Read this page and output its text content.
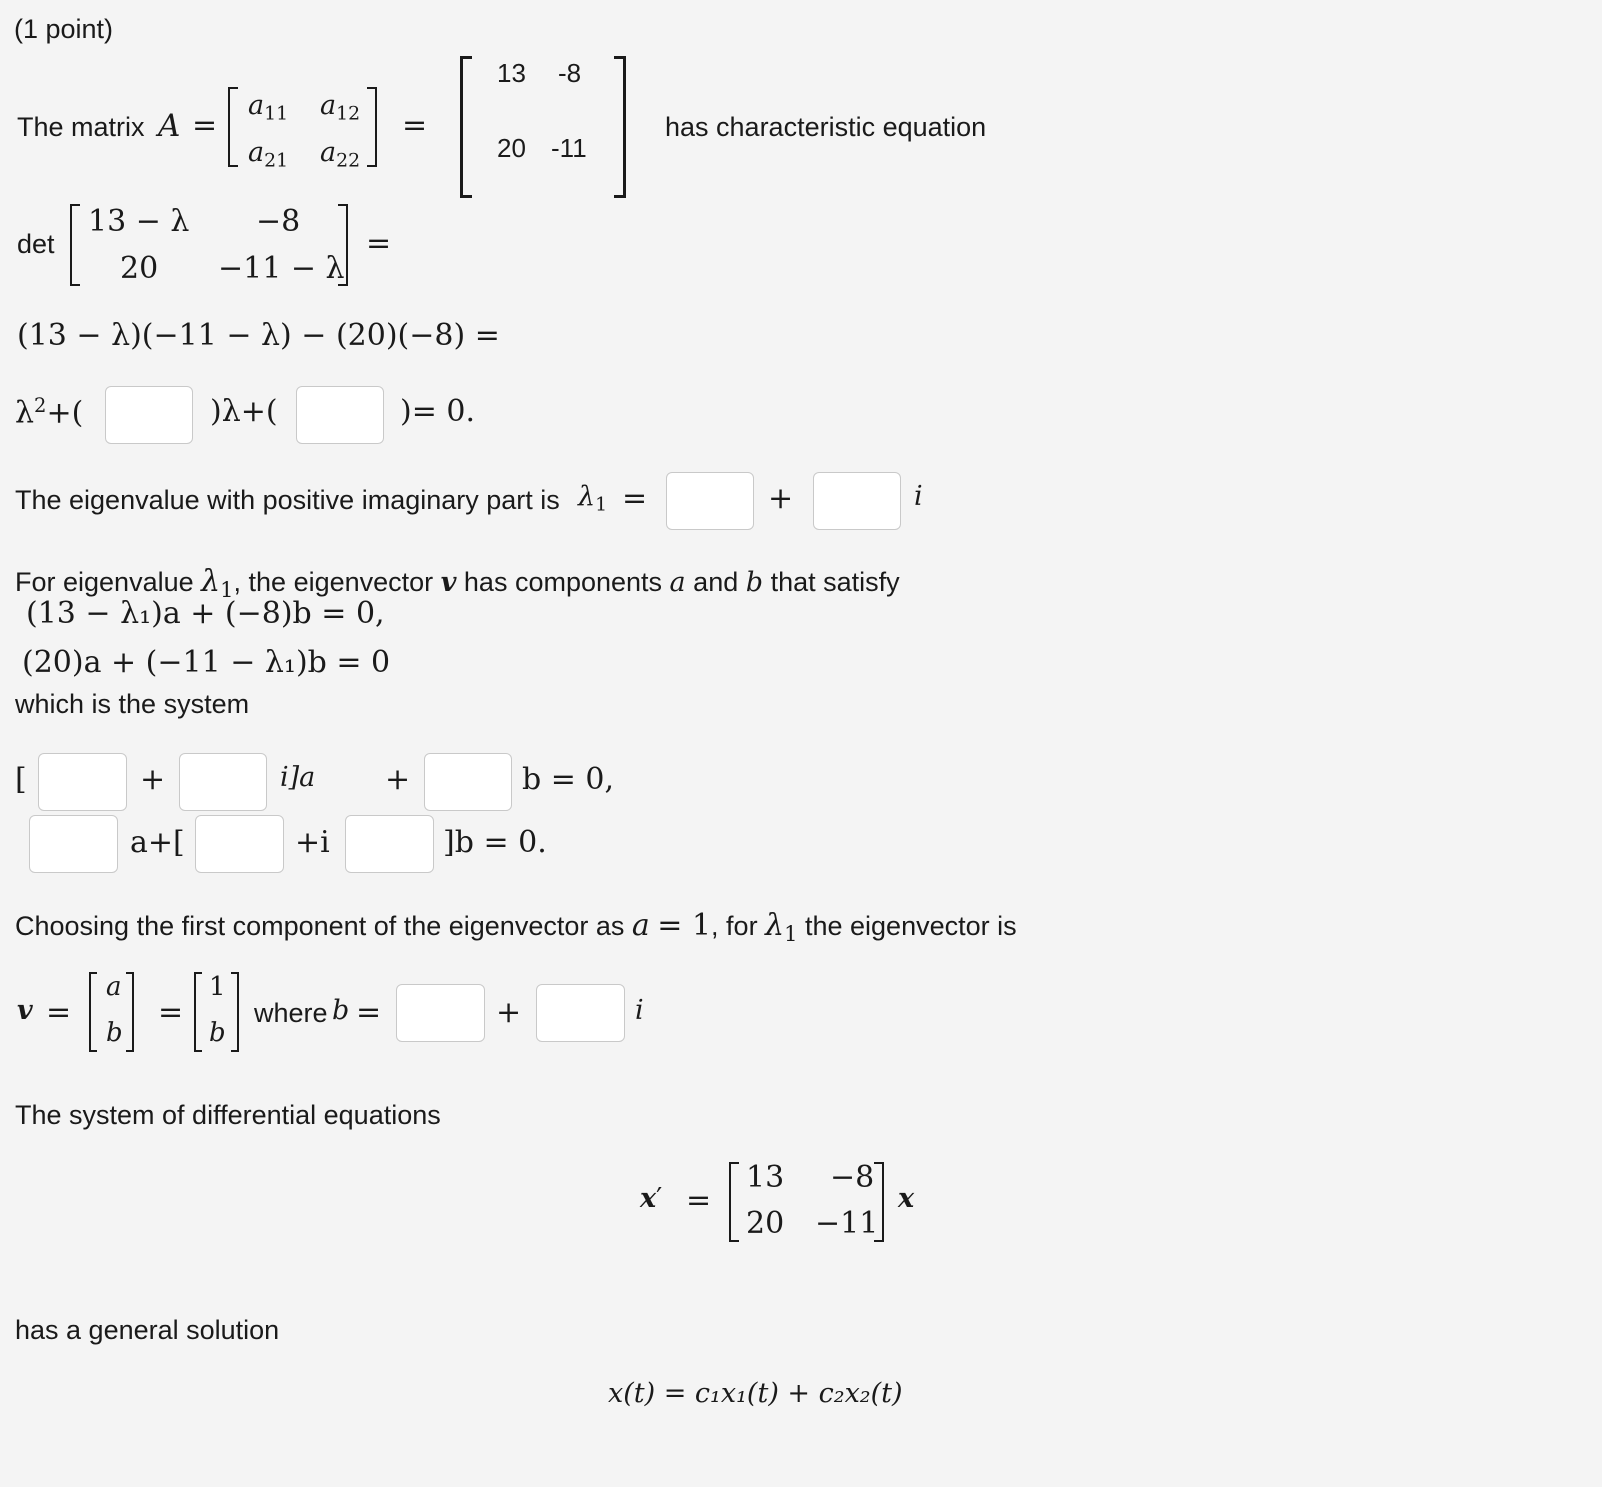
(1 point)
The matrix A =
$a_{11}$ $a_{12}$
$a_{21}$ $a_{22}$
=
13 -8
20 -11
has characteristic equation
det
13 − λ −8
20 −11 − λ
=
(13 − λ)(−11 − λ) − (20)(−8) =
$\lambda^2+$(	)λ+(	)= 0.
The eigenvalue with positive imaginary part is $\lambda_1$ =	+	i
For eigenvalue $\lambda_1$, the eigenvector v has components a and b that satisfy
(13 − λ₁)a + (−8)b = 0,
(20)a + (−11 − λ₁)b = 0
which is the system
[	+	i]a +	b = 0,
a+[	+i	]b = 0.
Choosing the first component of the eigenvector as a = 1, for $\lambda_1$ the eigenvector is
v =
a
b
=
1
b
where b =	+	i
The system of differential equations
x′ =
13 −8
20 −11
x
has a general solution
x(t) = c₁x₁(t) + c₂x₂(t)
